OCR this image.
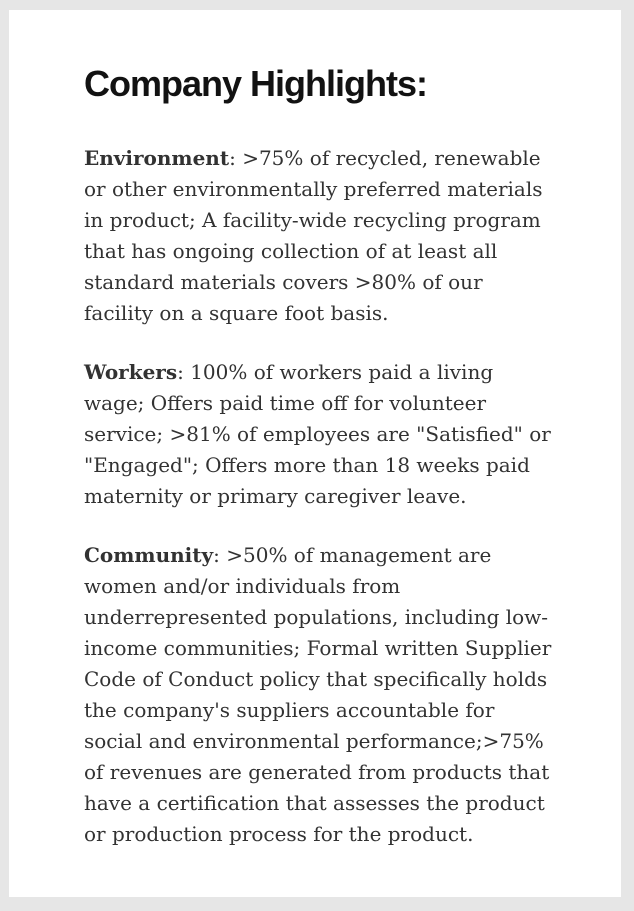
Company Highlights:

Environment: >75% of recycled, renewable or other environmentally preferred materials in product; A facility-wide recycling program that has ongoing collection of at least all standard materials covers >80% of our facility on a square foot basis.

Workers: 100% of workers paid a living wage; Offers paid time off for volunteer service; >81% of employees are "Satisfied" or "Engaged"; Offers more than 18 weeks paid maternity or primary caregiver leave.

Community: >50% of management are women and/or individuals from underrepresented populations, including low-income communities; Formal written Supplier Code of Conduct policy that specifically holds the company's suppliers accountable for social and environmental performance;>75% of revenues are generated from products that have a certification that assesses the product or production process for the product.
